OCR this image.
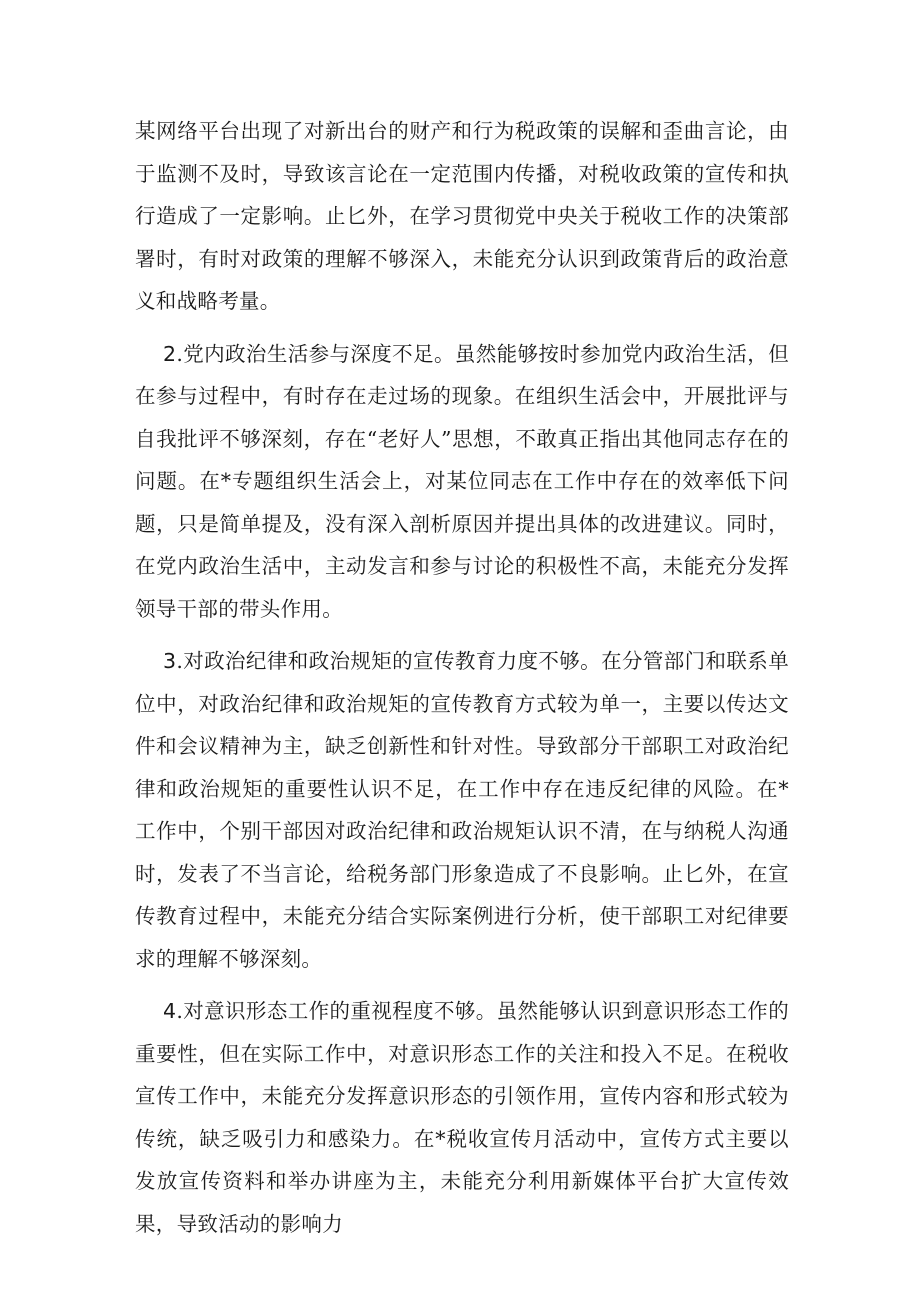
某网络平台出现了对新出台的财产和行为税政策的误解和歪曲言论，由于监测不及时，导致该言论在一定范围内传播，对税收政策的宣传和执行造成了一定影响。止匕外，在学习贯彻党中央关于税收工作的决策部署时，有时对政策的理解不够深入，未能充分认识到政策背后的政治意义和战略考量。

2.党内政治生活参与深度不足。虽然能够按时参加党内政治生活，但在参与过程中，有时存在走过场的现象。在组织生活会中，开展批评与自我批评不够深刻，存在“老好人”思想，不敢真正指出其他同志存在的问题。在*专题组织生活会上，对某位同志在工作中存在的效率低下问题，只是简单提及，没有深入剖析原因并提出具体的改进建议。同时，在党内政治生活中，主动发言和参与讨论的积极性不高，未能充分发挥领导干部的带头作用。

3.对政治纪律和政治规矩的宣传教育力度不够。在分管部门和联系单位中，对政治纪律和政治规矩的宣传教育方式较为单一，主要以传达文件和会议精神为主，缺乏创新性和针对性。导致部分干部职工对政治纪律和政治规矩的重要性认识不足，在工作中存在违反纪律的风险。在*工作中，个别干部因对政治纪律和政治规矩认识不清，在与纳税人沟通时，发表了不当言论，给税务部门形象造成了不良影响。止匕外，在宣传教育过程中，未能充分结合实际案例进行分析，使干部职工对纪律要求的理解不够深刻。

4.对意识形态工作的重视程度不够。虽然能够认识到意识形态工作的重要性，但在实际工作中，对意识形态工作的关注和投入不足。在税收宣传工作中，未能充分发挥意识形态的引领作用，宣传内容和形式较为传统，缺乏吸引力和感染力。在*税收宣传月活动中，宣传方式主要以发放宣传资料和举办讲座为主，未能充分利用新媒体平台扩大宣传效果，导致活动的影响力
